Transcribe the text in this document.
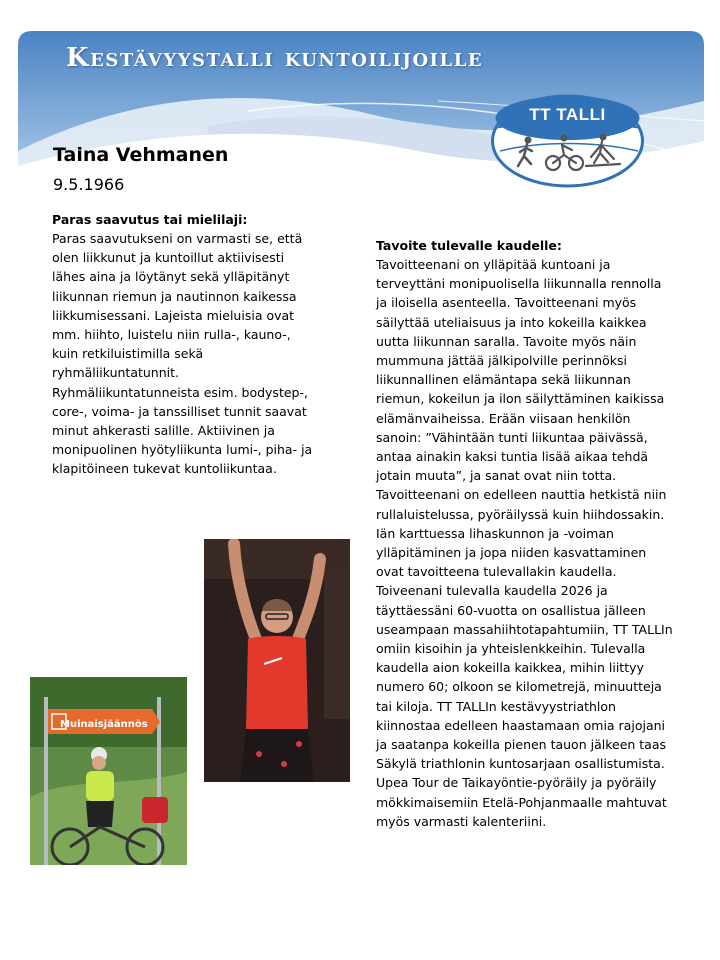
Kestävyystalli kuntoilijoille
TT TALLI
Taina Vehmanen

9.5.1966

Paras saavutus tai mielilaji:

Paras saavutukseni on varmasti se, että olen liikkunut ja kuntoillut aktiivisesti lähes aina ja löytänyt sekä ylläpitänyt liikunnan riemun ja nautinnon kaikessa liikkumisessani. Lajeista mieluisia ovat mm. hiihto, luistelu niin rulla-, kauno-, kuin retkiluistimilla sekä ryhmäliikuntatunnit. Ryhmäliikuntatunneista esim. bodystep-, core-, voima- ja tanssilliset tunnit saavat minut ahkerasti salille. Aktiivinen ja monipuolinen hyötyliikunta lumi-, piha- ja klapitöineen tukevat kuntoliikuntaa.

Tavoite tulevalle kaudelle:

Tavoitteenani on ylläpitää kuntoani ja terveyttäni monipuolisella liikunnalla rennolla ja iloisella asenteella. Tavoitteenani myös säilyttää uteliaisuus ja into kokeilla kaikkea uutta liikunnan saralla. Tavoite myös näin mummuna jättää jälkipolville perinnöksi liikunnallinen elämäntapa sekä liikunnan riemun, kokeilun ja ilon säilyttäminen kaikissa elämänvaiheissa. Erään viisaan henkilön sanoin: ”Vähintään tunti liikuntaa päivässä, antaa ainakin kaksi tuntia lisää aikaa tehdä jotain muuta”, ja sanat ovat niin totta. Tavoitteenani on edelleen nauttia hetkistä niin rullaluistelussa, pyöräilyssä kuin hiihdossakin. Iän karttuessa lihaskunnon ja -voiman ylläpitäminen ja jopa niiden kasvattaminen ovat tavoitteena tulevallakin kaudella. Toiveenani tulevalla kaudella 2026 ja täyttäessäni 60-vuotta on osallistua jälleen useampaan massahiihtotapahtumiin, TT TALLIn omiin kisoihin ja yhteislenkkeihin. Tulevalla kaudella aion kokeilla kaikkea, mihin liittyy numero 60; olkoon se kilometrejä, minuutteja tai kiloja. TT TALLIn kestävyystriathlon kiinnostaa edelleen haastamaan omia rajojani ja saatanpa kokeilla pienen tauon jälkeen taas Säkylä triathlonin kuntosarjaan osallistumista. Upea Tour de Taikayöntie-pyöräily ja pyöräily mökkimaisemiin Etelä-Pohjanmaalle mahtuvat myös varmasti kalenteriini.

Muinaisjäännös
